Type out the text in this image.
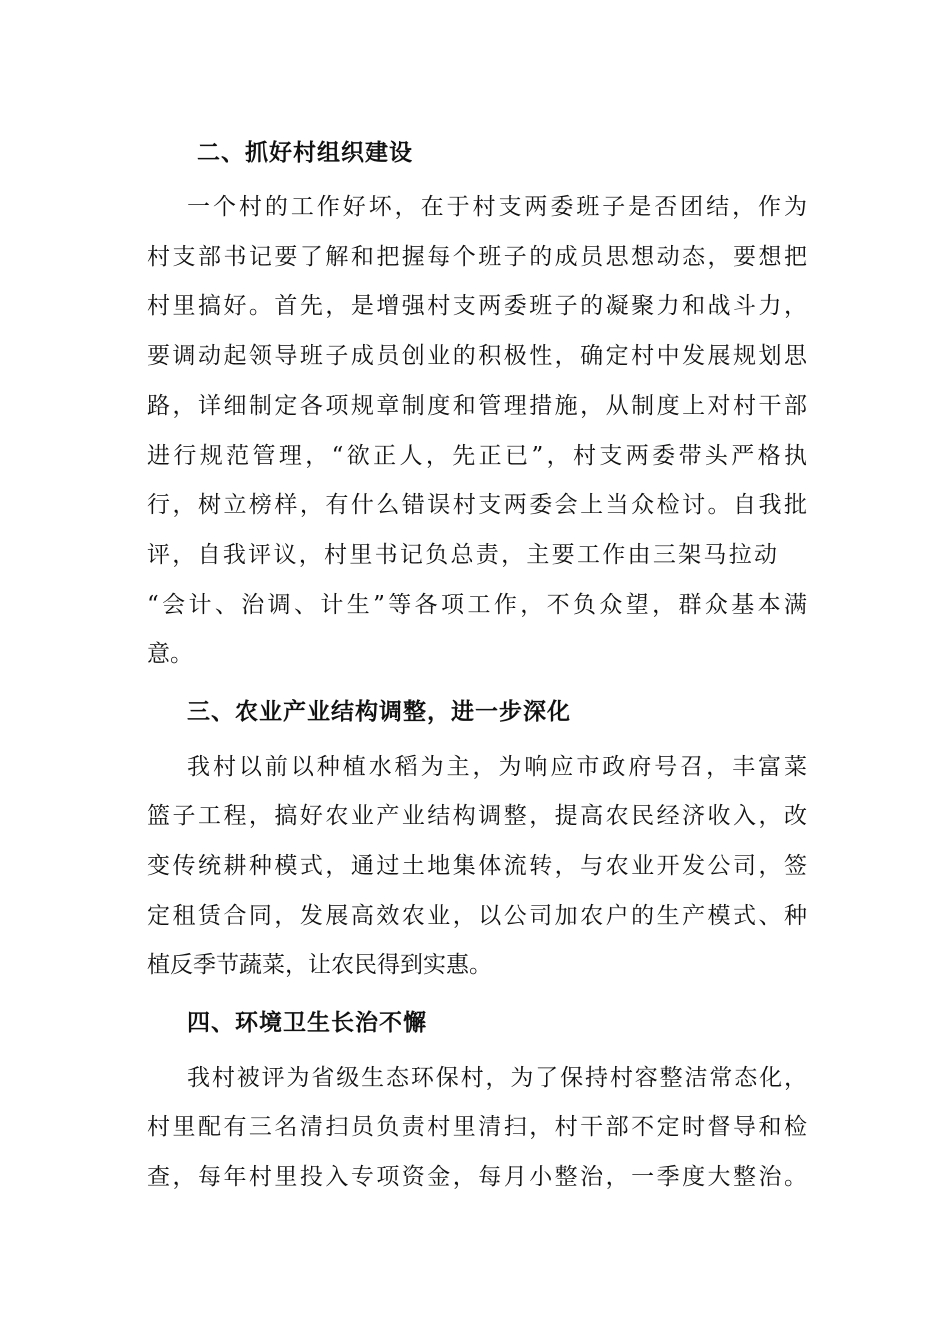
二、抓好村组织建设
一个村的工作好坏，在于村支两委班子是否团结，作为
村支部书记要了解和把握每个班子的成员思想动态，要想把
村里搞好。首先，是增强村支两委班子的凝聚力和战斗力，
要调动起领导班子成员创业的积极性，确定村中发展规划思
路，详细制定各项规章制度和管理措施，从制度上对村干部
进行规范管理，“欲正人，先正已”，村支两委带头严格执
行，树立榜样，有什么错误村支两委会上当众检讨。自我批
评，自我评议，村里书记负总责，主要工作由三架马拉动
“会计、治调、计生”等各项工作，不负众望，群众基本满
意。
三、农业产业结构调整，进一步深化
我村以前以种植水稻为主，为响应市政府号召，丰富菜
篮子工程，搞好农业产业结构调整，提高农民经济收入，改
变传统耕种模式，通过土地集体流转，与农业开发公司，签
定租赁合同，发展高效农业，以公司加农户的生产模式、种
植反季节蔬菜，让农民得到实惠。
四、环境卫生长治不懈
我村被评为省级生态环保村，为了保持村容整洁常态化，
村里配有三名清扫员负责村里清扫，村干部不定时督导和检
查，每年村里投入专项资金，每月小整治，一季度大整治。
